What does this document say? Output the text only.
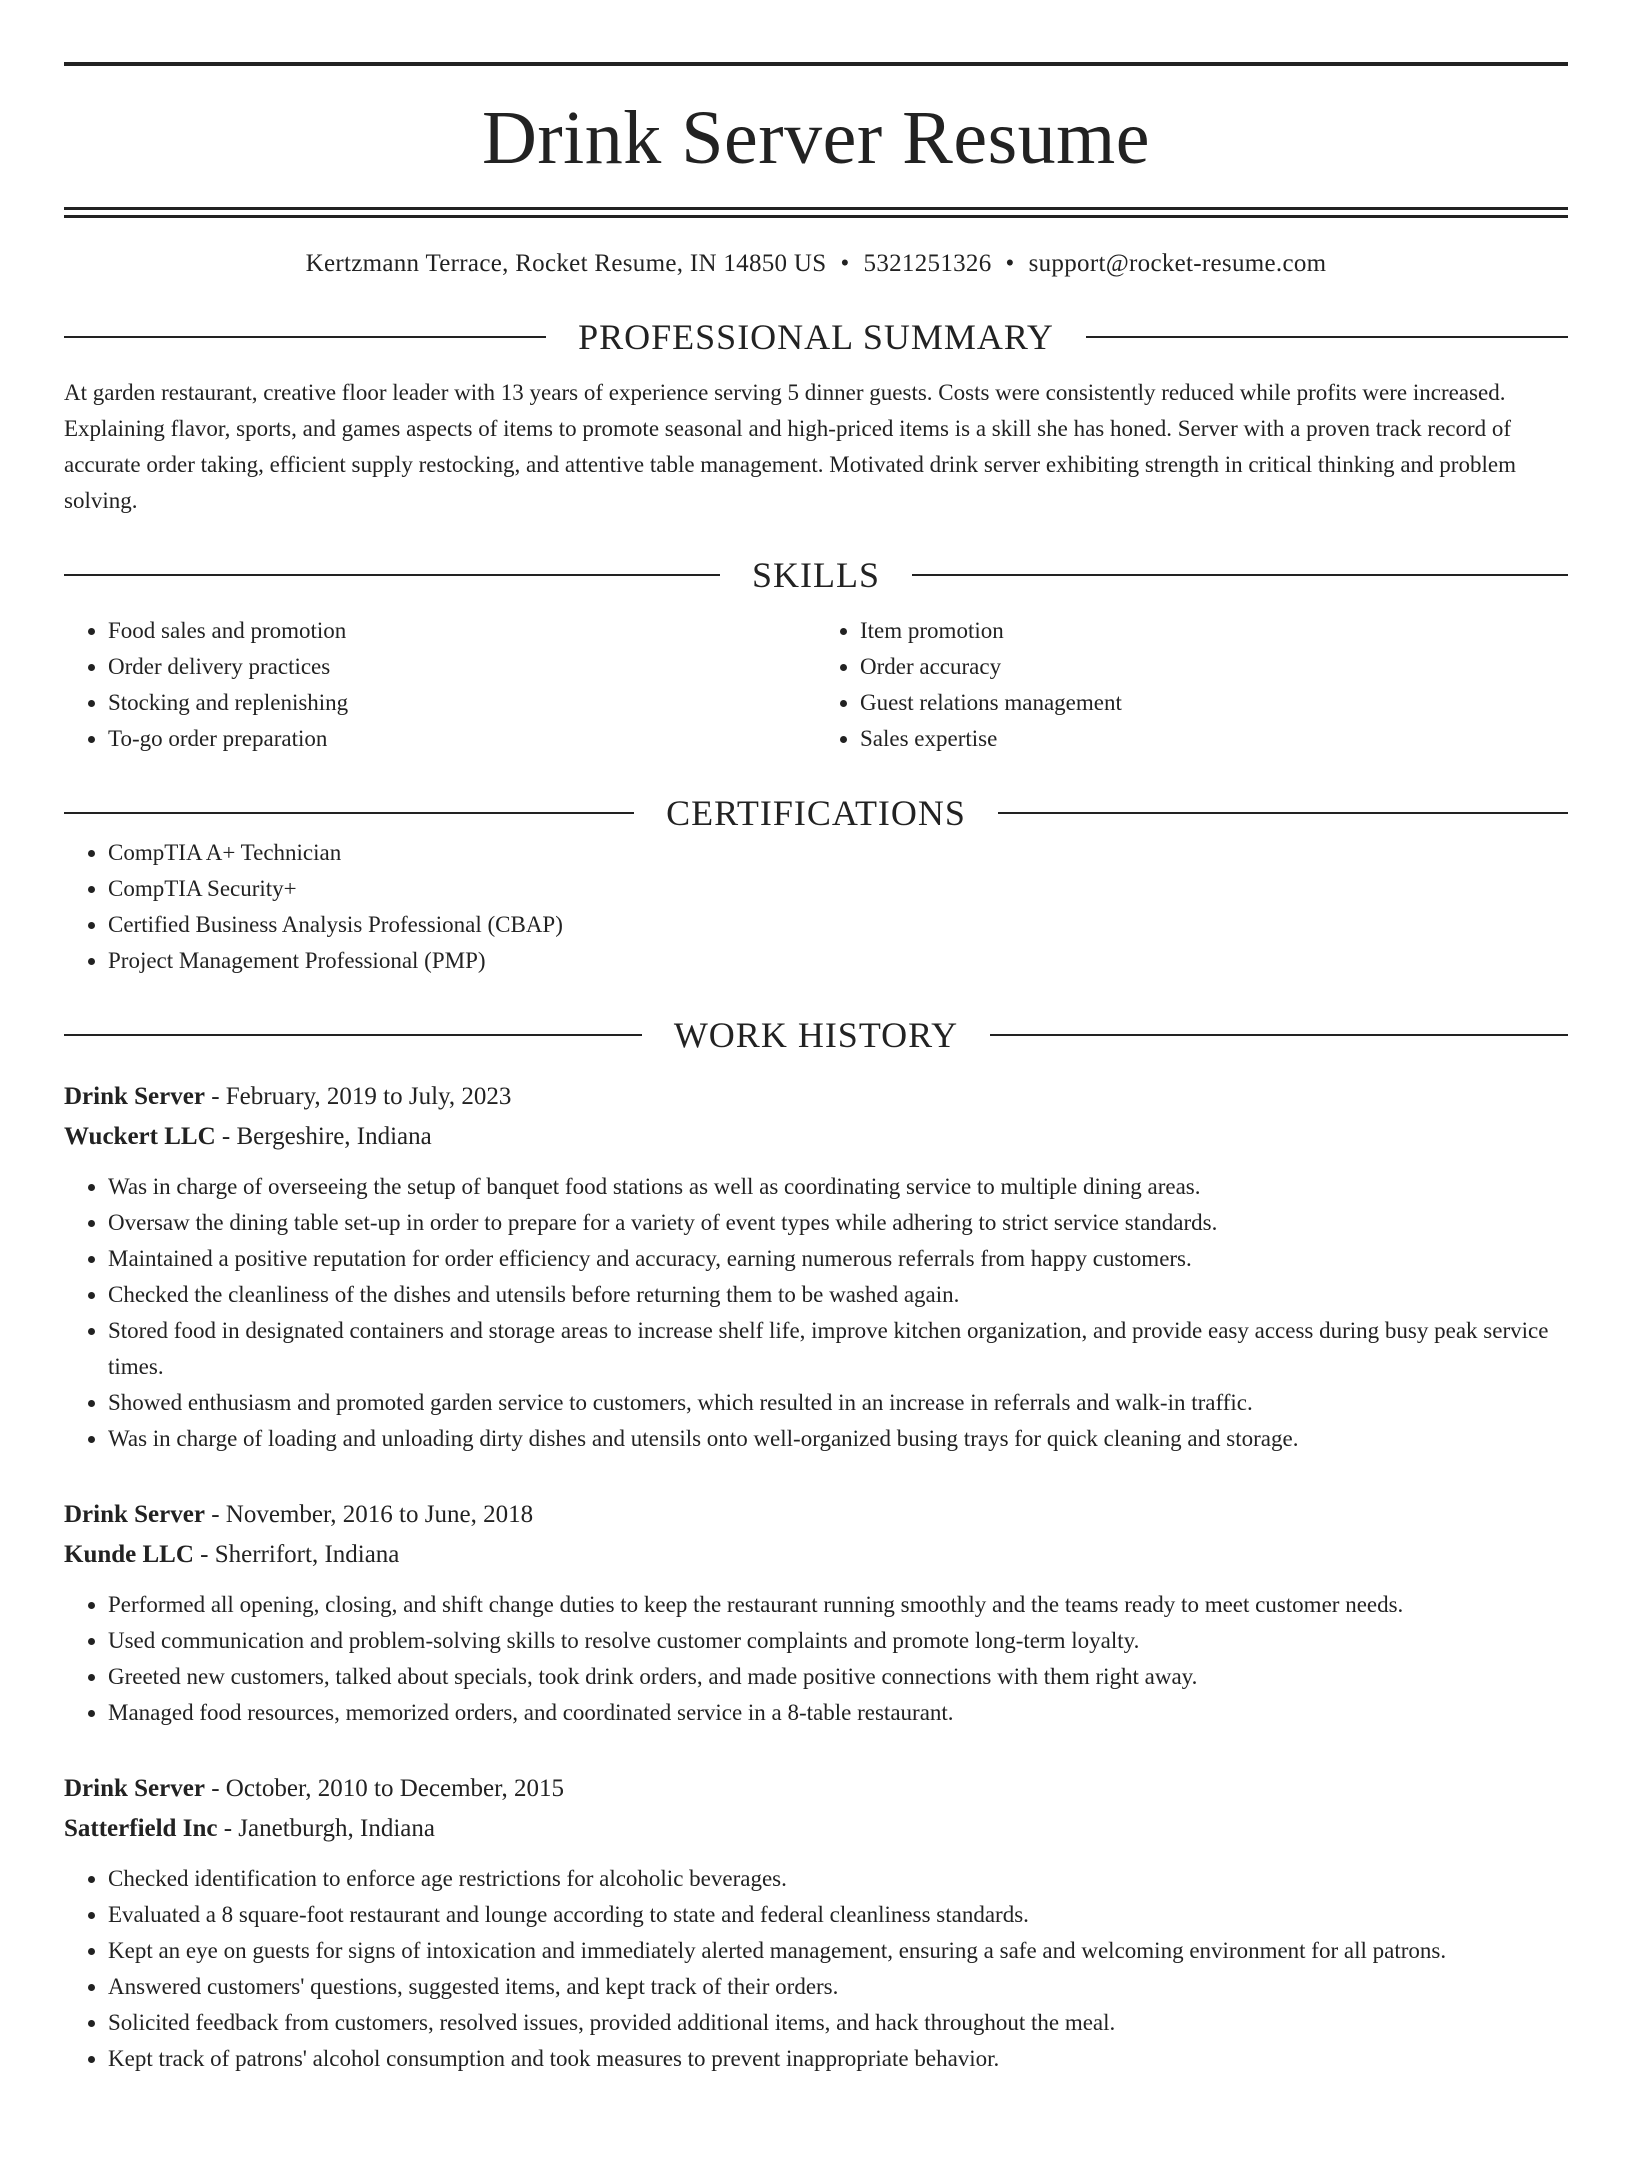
Drink Server Resume
Kertzmann Terrace, Rocket Resume, IN 14850 US • 5321251326 • support@rocket-resume.com
PROFESSIONAL SUMMARY
At garden restaurant, creative floor leader with 13 years of experience serving 5 dinner guests. Costs were consistently reduced while profits were increased. Explaining flavor, sports, and games aspects of items to promote seasonal and high-priced items is a skill she has honed. Server with a proven track record of accurate order taking, efficient supply restocking, and attentive table management. Motivated drink server exhibiting strength in critical thinking and problem solving.
SKILLS
• Food sales and promotion
• Order delivery practices
• Stocking and replenishing
• To-go order preparation
• Item promotion
• Order accuracy
• Guest relations management
• Sales expertise
CERTIFICATIONS
• CompTIA A+ Technician
• CompTIA Security+
• Certified Business Analysis Professional (CBAP)
• Project Management Professional (PMP)
WORK HISTORY
Drink Server - February, 2019 to July, 2023
Wuckert LLC - Bergeshire, Indiana
• Was in charge of overseeing the setup of banquet food stations as well as coordinating service to multiple dining areas.
• Oversaw the dining table set-up in order to prepare for a variety of event types while adhering to strict service standards.
• Maintained a positive reputation for order efficiency and accuracy, earning numerous referrals from happy customers.
• Checked the cleanliness of the dishes and utensils before returning them to be washed again.
• Stored food in designated containers and storage areas to increase shelf life, improve kitchen organization, and provide easy access during busy peak service times.
• Showed enthusiasm and promoted garden service to customers, which resulted in an increase in referrals and walk-in traffic.
• Was in charge of loading and unloading dirty dishes and utensils onto well-organized busing trays for quick cleaning and storage.
Drink Server - November, 2016 to June, 2018
Kunde LLC - Sherrifort, Indiana
• Performed all opening, closing, and shift change duties to keep the restaurant running smoothly and the teams ready to meet customer needs.
• Used communication and problem-solving skills to resolve customer complaints and promote long-term loyalty.
• Greeted new customers, talked about specials, took drink orders, and made positive connections with them right away.
• Managed food resources, memorized orders, and coordinated service in a 8-table restaurant.
Drink Server - October, 2010 to December, 2015
Satterfield Inc - Janetburgh, Indiana
• Checked identification to enforce age restrictions for alcoholic beverages.
• Evaluated a 8 square-foot restaurant and lounge according to state and federal cleanliness standards.
• Kept an eye on guests for signs of intoxication and immediately alerted management, ensuring a safe and welcoming environment for all patrons.
• Answered customers' questions, suggested items, and kept track of their orders.
• Solicited feedback from customers, resolved issues, provided additional items, and hack throughout the meal.
• Kept track of patrons' alcohol consumption and took measures to prevent inappropriate behavior.
